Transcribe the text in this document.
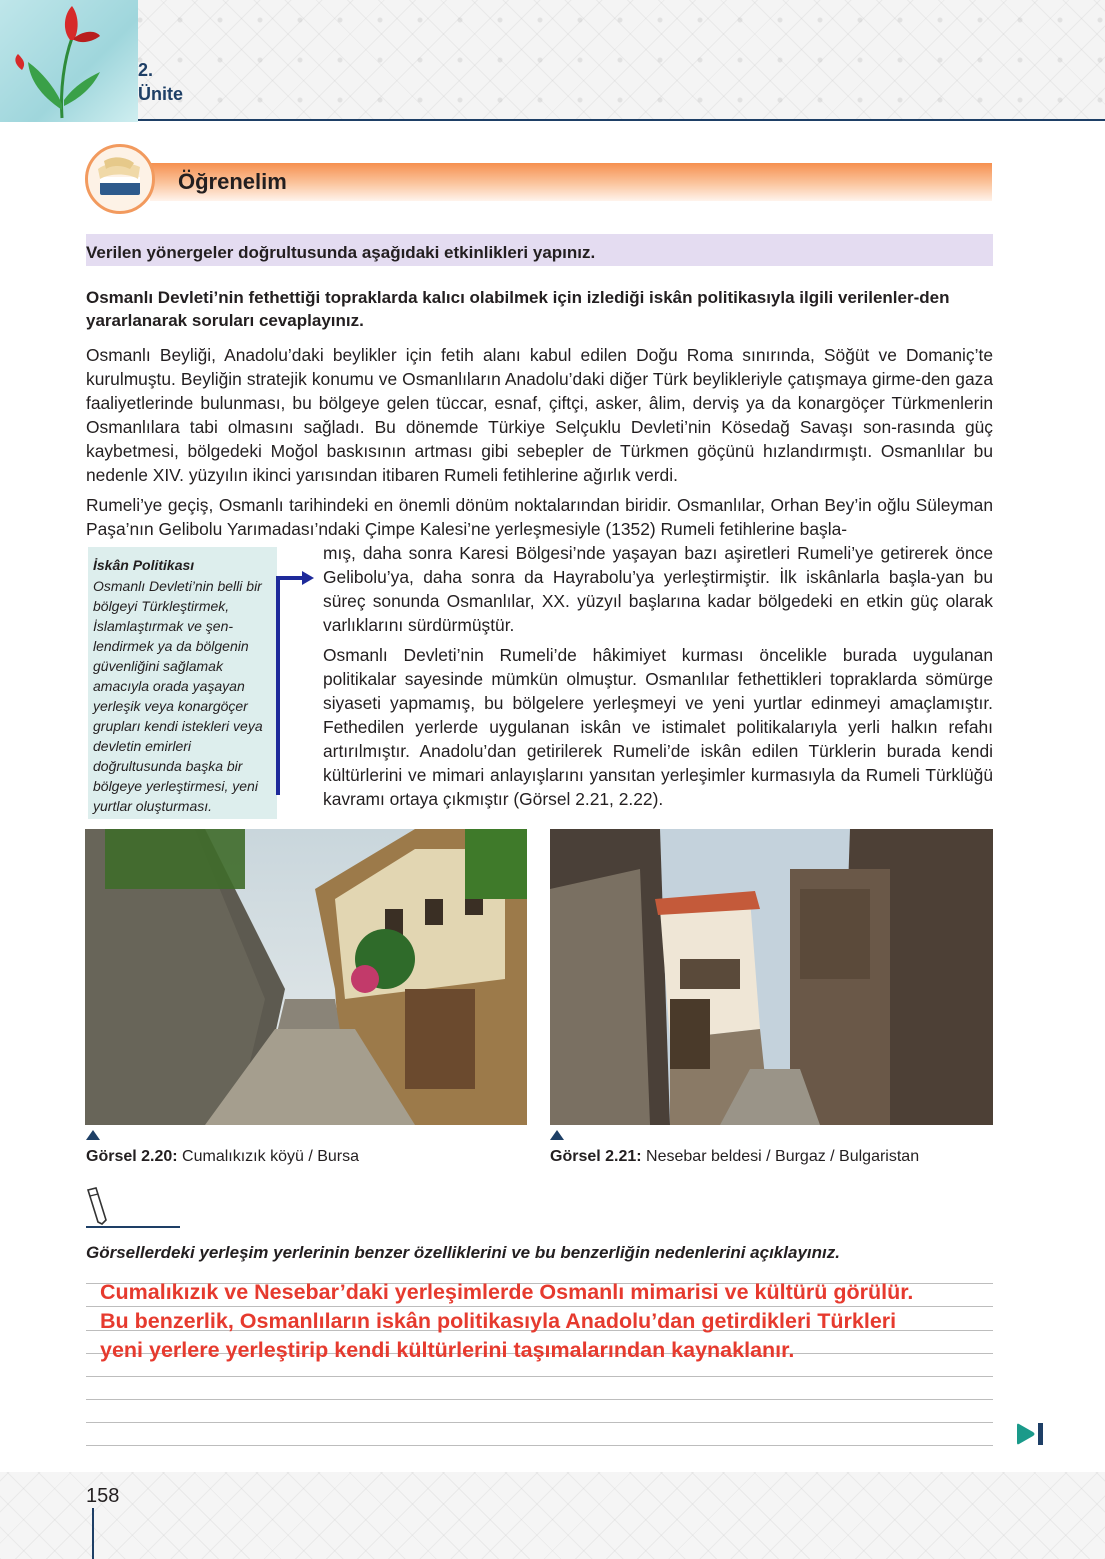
2.
Ünite
Öğrenelim
Verilen yönergeler doğrultusunda aşağıdaki etkinlikleri yapınız.
Osmanlı Devleti’nin fethettiği topraklarda kalıcı olabilmek için izlediği iskân politikasıyla ilgili verilenler-den yararlanarak soruları cevaplayınız.
Osmanlı Beyliği, Anadolu’daki beylikler için fetih alanı kabul edilen Doğu Roma sınırında, Söğüt ve Domaniç’te kurulmuştu. Beyliğin stratejik konumu ve Osmanlıların Anadolu’daki diğer Türk beylikleriyle çatışmaya girme-den gaza faaliyetlerinde bulunması, bu bölgeye gelen tüccar, esnaf, çiftçi, asker, âlim, derviş ya da konargöçer Türkmenlerin Osmanlılara tabi olmasını sağladı. Bu dönemde Türkiye Selçuklu Devleti’nin Kösedağ Savaşı son-rasında güç kaybetmesi, bölgedeki Moğol baskısının artması gibi sebepler de Türkmen göçünü hızlandırmıştı. Osmanlılar bu nedenle XIV. yüzyılın ikinci yarısından itibaren Rumeli fetihlerine ağırlık verdi.
Rumeli’ye geçiş, Osmanlı tarihindeki en önemli dönüm noktalarından biridir. Osmanlılar, Orhan Bey’in oğlu Süleyman Paşa’nın Gelibolu Yarımadası’ndaki Çimpe Kalesi’ne yerleşmesiyle (1352) Rumeli fetihlerine başla-
mış, daha sonra Karesi Bölgesi’nde yaşayan bazı aşiretleri Rumeli’ye getirerek önce Gelibolu’ya, daha sonra da Hayrabolu’ya yerleştirmiştir. İlk iskânlarla başla-yan bu süreç sonunda Osmanlılar, XX. yüzyıl başlarına kadar bölgedeki en etkin güç olarak varlıklarını sürdürmüştür.
Osmanlı Devleti’nin Rumeli’de hâkimiyet kurması öncelikle burada uygulanan politikalar sayesinde mümkün olmuştur. Osmanlılar fethettikleri topraklarda sömürge siyaseti yapmamış, bu bölgelere yerleşmeyi ve yeni yurtlar edinmeyi amaçlamıştır. Fethedilen yerlerde uygulanan iskân ve istimalet politikalarıyla yerli halkın refahı artırılmıştır. Anadolu’dan getirilerek Rumeli’de iskân edilen Türklerin burada kendi kültürlerini ve mimari anlayışlarını yansıtan yerleşimler kurmasıyla da Rumeli Türklüğü kavramı ortaya çıkmıştır (Görsel 2.21, 2.22).
İskân Politikası
Osmanlı Devleti’nin belli bir bölgeyi Türkleştirmek, İslamlaştırmak ve şen-lendirmek ya da bölgenin güvenliğini sağlamak amacıyla orada yaşayan yerleşik veya konargöçer grupları kendi istekleri veya devletin emirleri doğrultusunda başka bir bölgeye yerleştirmesi, yeni yurtlar oluşturması.
Görsel 2.20: Cumalıkızık köyü / Bursa	Görsel 2.21: Nesebar beldesi / Burgaz / Bulgaristan
Görsellerdeki yerleşim yerlerinin benzer özelliklerini ve bu benzerliğin nedenlerini açıklayınız.
Cumalıkızık ve Nesebar’daki yerleşimlerde Osmanlı mimarisi ve kültürü görülür.
Bu benzerlik, Osmanlıların iskân politikasıyla Anadolu’dan getirdikleri Türkleri
yeni yerlere yerleştirip kendi kültürlerini taşımalarından kaynaklanır.
158
